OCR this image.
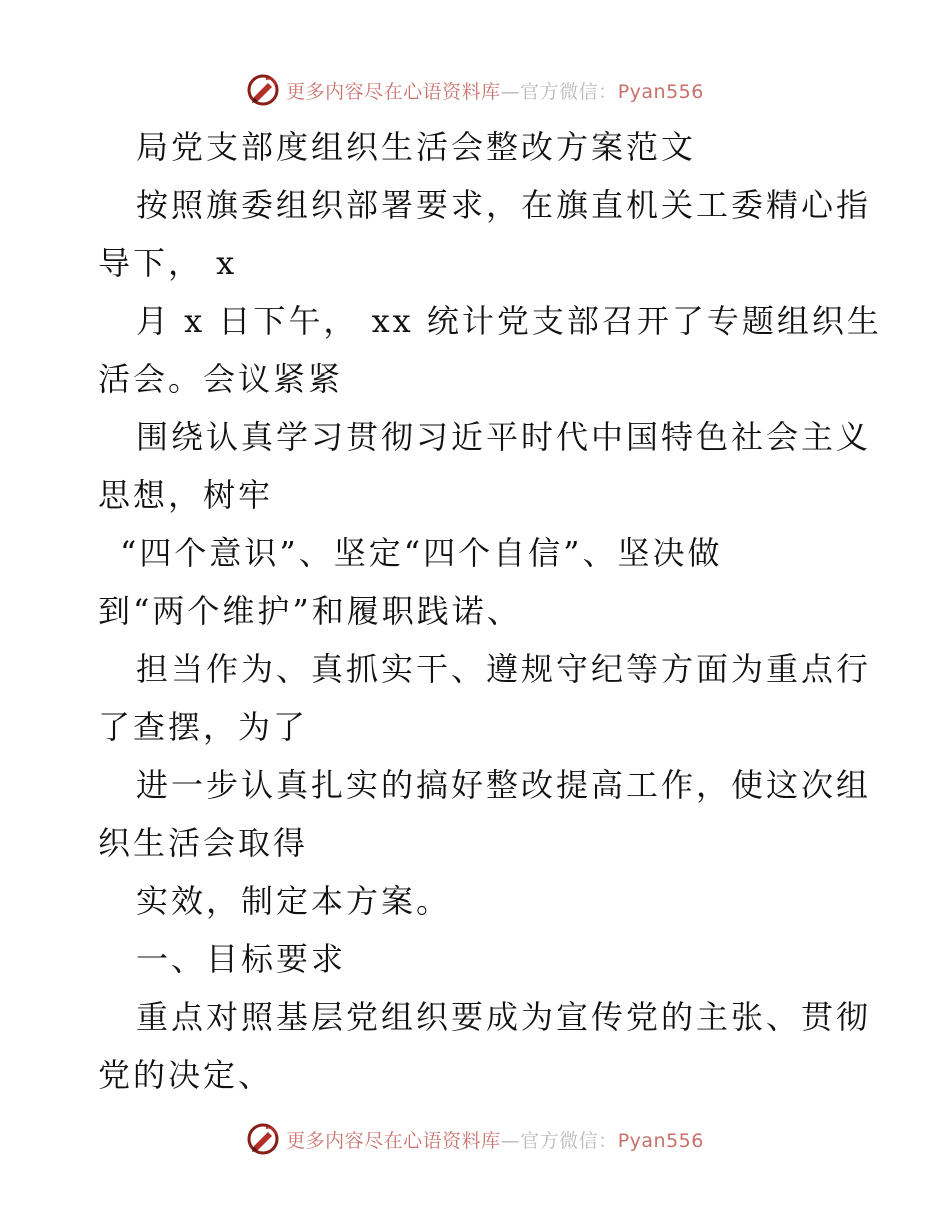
更多内容尽在心语资料库—官方微信：Pyan556
局党支部度组织生活会整改方案范文
按照旗委组织部署要求，在旗直机关工委精心指
导下， x
月 x 日下午， xx 统计党支部召开了专题组织生
活会。会议紧紧
围绕认真学习贯彻习近平时代中国特色社会主义
思想，树牢
“四个意识”、坚定“四个自信”、坚决做
到“两个维护”和履职践诺、
担当作为、真抓实干、遵规守纪等方面为重点行
了查摆，为了
进一步认真扎实的搞好整改提高工作，使这次组
织生活会取得
实效，制定本方案。
一、目标要求
重点对照基层党组织要成为宣传党的主张、贯彻
党的决定、
更多内容尽在心语资料库—官方微信：Pyan556
